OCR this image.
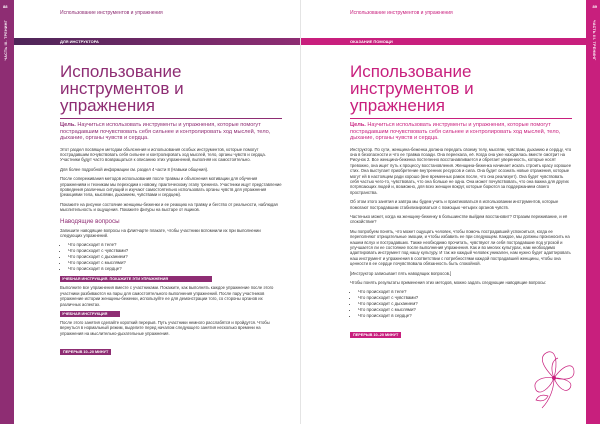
88
ЧАСТЬ III. ТРЕНИНГ
Использование инструментов и упражнения
ДЛЯ ИНСТРУКТОРА
Использование инструментов и упражнения

Цель. Научиться использовать инструменты и упражнения, которые помогут пострадавшим почувствовать себя сильнее и контролировать ход мыслей, тело, дыхание, органы чувств и сердца.

Этот раздел посвящен методам объяснения и использования особых инструментов, которые помогут пострадавшим почувствовать себя сильнее и контролировать ход мыслей, тело, органы чувств и сердца. Участники будут часто возвращаться к описанию этих упражнений, выполняя их самостоятельно.

Для более подробной информации см. раздел 4 части 8 (Навыки общения).

После сопереживания методов использования после травмы и объяснения мотивации для обучения упражнениям и техникам мы переходим к новому, практическому этапу тренинга. Участники ищут представление проведения различных ситуаций и изучают самостоятельно использовать органы чувств для упражнения (реакциями тела, мыслями, дыханием, чувствами и сердцем).

Покажите на рисунке состояние женщины-беженки и ее реакцию на травму и бегство от реальности, наблюдая мыслительность и ощущения. Покажите фигуры на выстаре от ящиков.

Наводящие вопросы

Запишите наводящие вопросы на флипчарте плакате, чтобы участники вспомнили их при выполнении следующих упражнений.

• Что происходит в теле?
• Что происходит с чувствами?
• Что происходит с дыханием?
• Что происходит с мыслями?
• Что происходит в сердце?
УЧЕБНАЯ ИНСТРУКЦИЯ. ПОКАЖИТЕ ЭТИ УПРАЖНЕНИЯ

Выполните все упражнения вместе с участниками. Покажите, как выполнять каждое упражнение после этого участники разбиваются на пары для самостоятельного выполнения упражнений. После пару участников упражнение истории женщины-беженки, используйте ее для демонстрации того, со стороны органов их различных аспектах.

УЧЕБНАЯ ИНСТРУКЦИЯ

После этого занятия сделайте короткий перерыв. Путь участники немного расслабятся и пройдутся. Чтобы вернуться в нормальный режим, выделите перед началом следующего занятия несколько времени на упражнения на мыслительно-дыхательные упражнения.

ПЕРЕРЫВ 10–20 МИНУТ
89
ЧАСТЬ III. ТРЕНИНГ
Использование инструментов и упражнения
ОКАЗАНИЕ ПОМОЩИ
Использование инструментов и упражнения

Цель. Научиться использовать инструменты и упражнения, которые помогут пострадавшим почувствовать себя сильнее и контролировать ход мыслей, тело, дыхание, органы чувств и сердца.

Инструктор. По сути, женщина-беженка должна передать своему телу, мыслям, чувствам, дыханию и сердцу, что она в безопасности и что ее травма позади. Она переехала, её. Когда она уже находилась вместе смотрит на Рисунок 2. Все женщина-беженка постепенно восстанавливается и обретает уверенность, которые носят тревожно, она ищет путь к процессу восстановления. Женщина-беженка начинает искать строить красу хорошее стих. Она выступает приобретение внутренних ресурсов и сила. Она будет осознать новые отражения, которые могут ей в настоящем ради хорошо (вне временных рамок после, что она реализует). Она будет чувствовать себя частью чего-то, чувствовать, что она больше не одна. Она может почувствовать, что она важна для других потрясающих людей и, возможно, для всех женщин вокруг, которые борются за поддержанием своего пространства.

Об этом этого занятия и завтра мы будем учить и практиковаться в использовании инструментов, которые помогают пострадавшим стабилизироваться с помощью четырех органов чувств.

Частенько может, когда на женщину-беженку в большинстве выйдем восстановит? Отразим переживание, и её спокойствие?

Мы попробуем понять, что может ощущать человек, чтобы помочь пострадавшей успокоиться, когда ее переполняют отрицательные эмоции, и чтобы избавить ее при следующем. Каждое, мы должны произносить на нашем вслух и пострадавших. Также необходимо прочитать, чувствуют ли себя пострадавшие под угрозой и улучшается ли ее состояние после выполнения упражнения. Как и во многих культурах, нам необходимо адаптировать инструмент под нашу культуру. И так же каждый человек уникален, нам нужно будет адаптировать наш инструмент и упражнения в соответствии с потребностями каждой пострадавшей женщины, чтобы она ценности в ее сердце почувствовала обязанность быть спокойной.

[Инструктор записывает пять наводящих вопросов.]

Чтобы понять результаты применения этих методов, можно задать следующие наводящие вопросы:

• Что происходит в теле?
• Что происходит с чувствами?
• Что происходит с дыханием?
• Что происходит с мыслями?
• Что происходит в сердце?
ПЕРЕРЫВ 10–20 МИНУТ
